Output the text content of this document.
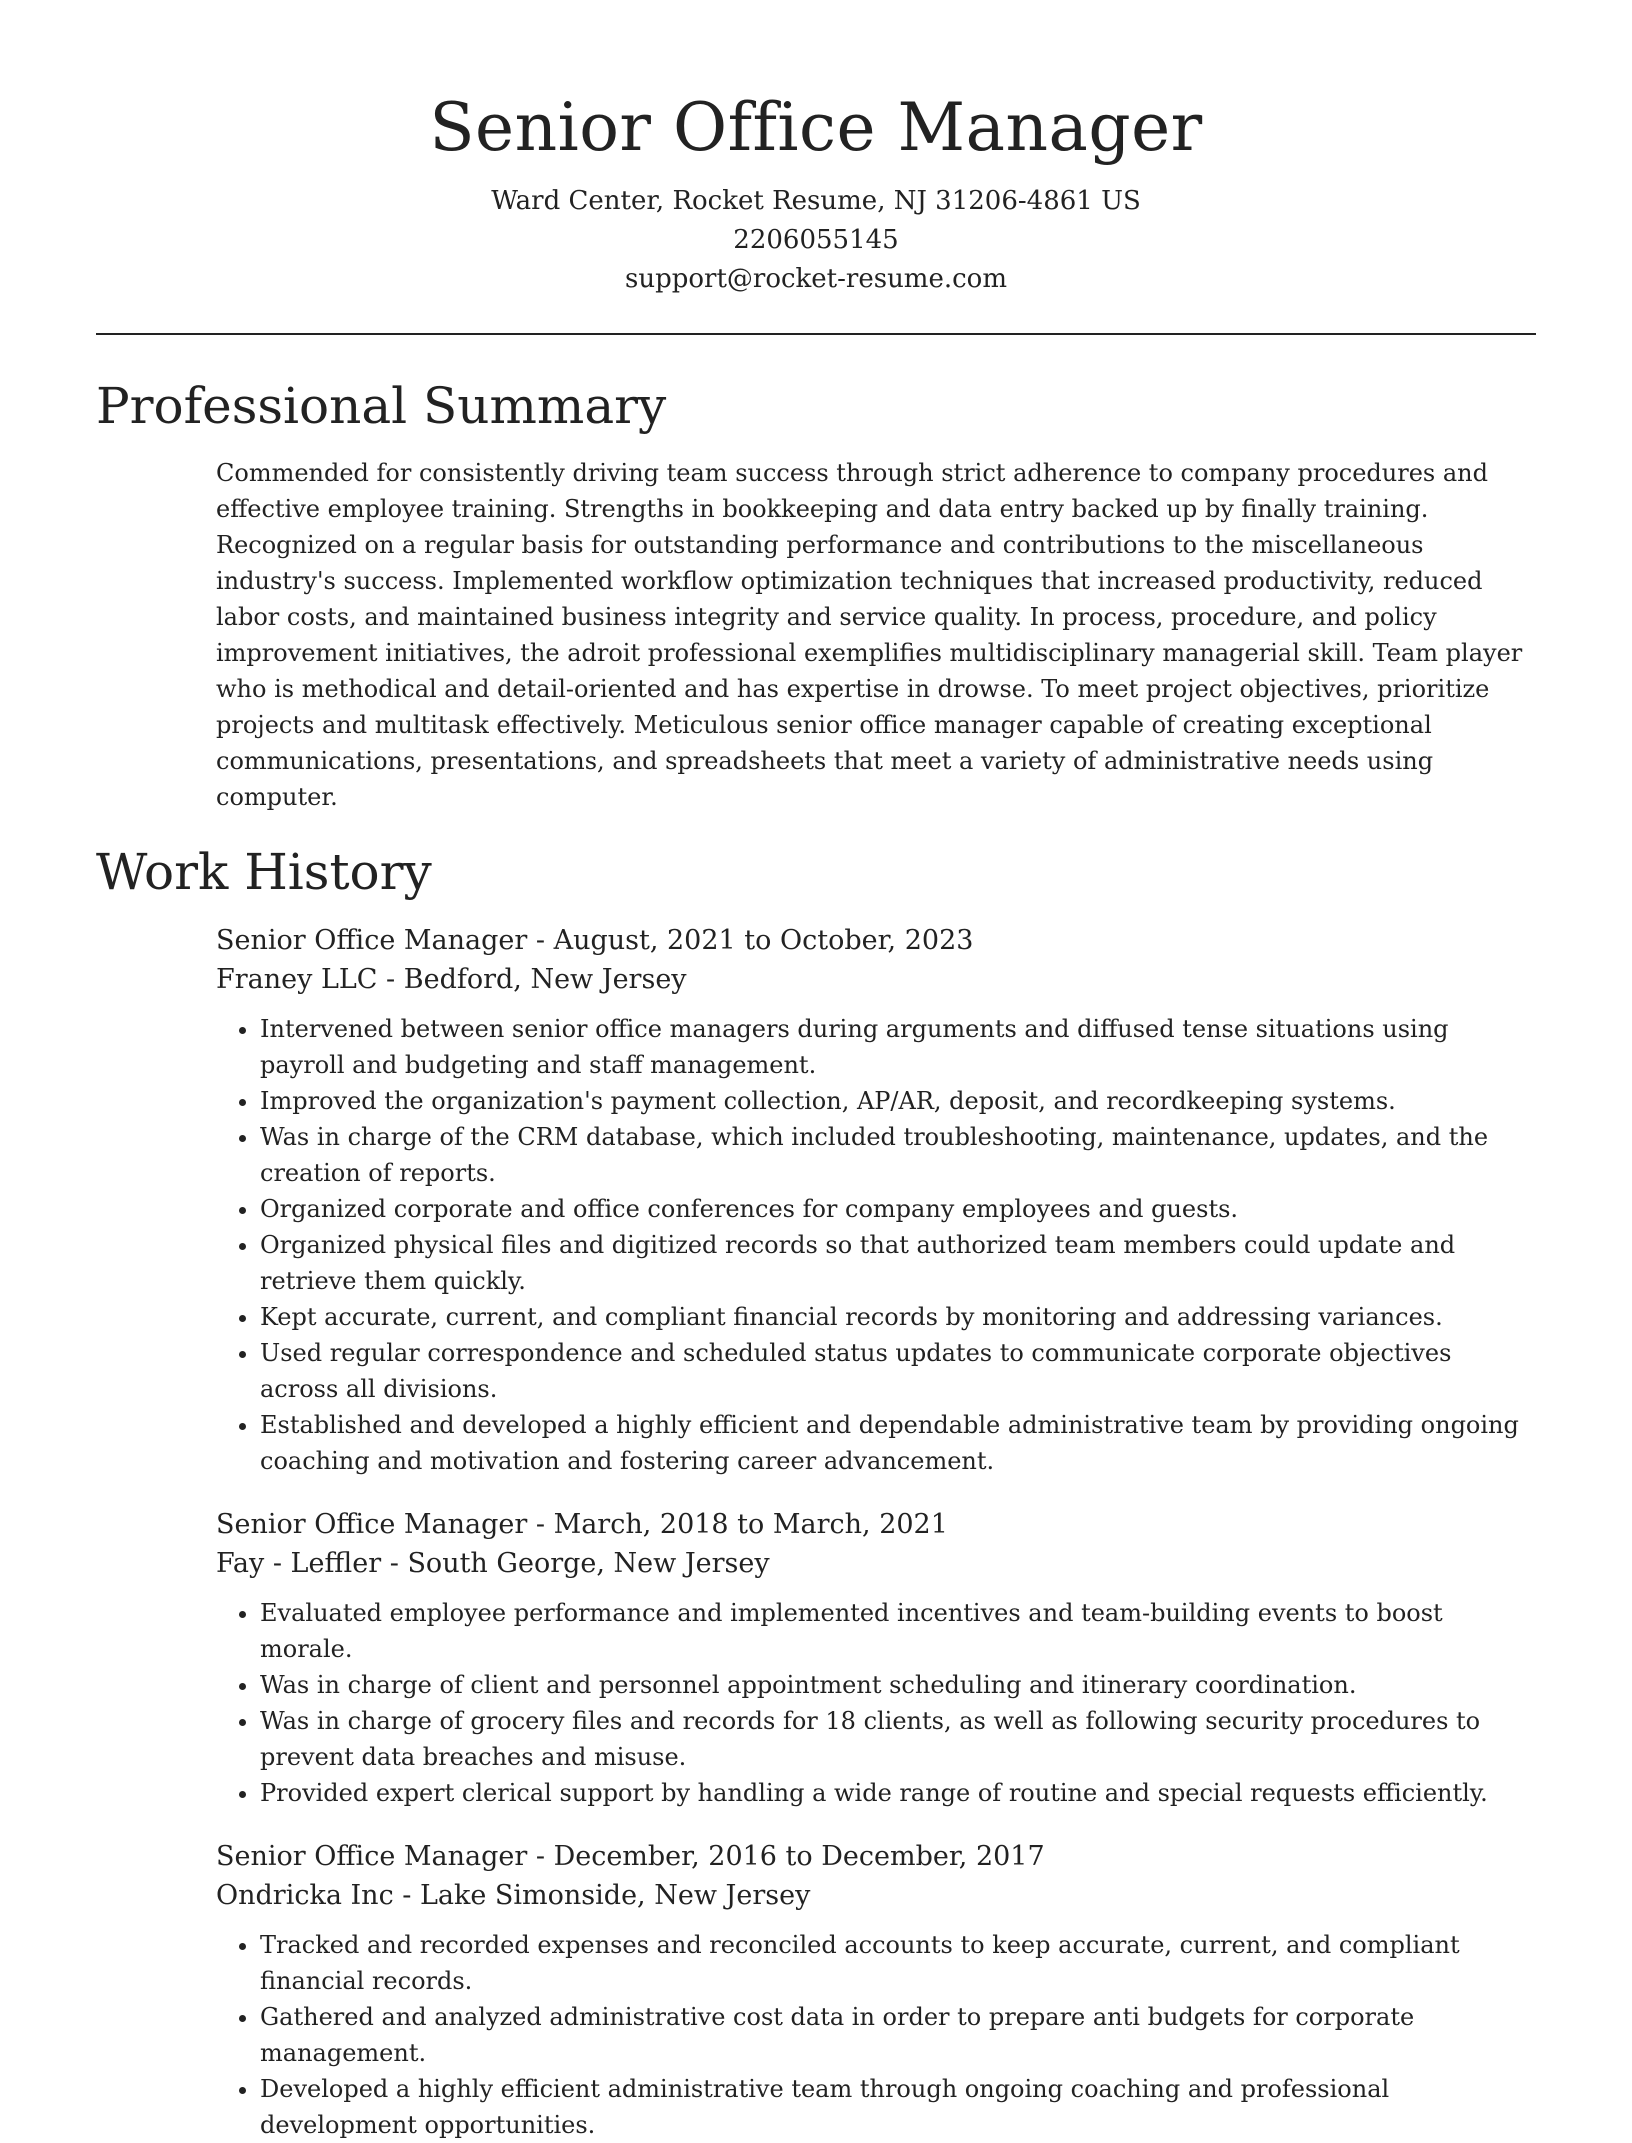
Senior Office Manager
Ward Center, Rocket Resume, NJ 31206-4861 US
2206055145
support@rocket-resume.com
Professional Summary

Commended for consistently driving team success through strict adherence to company procedures and effective employee training. Strengths in bookkeeping and data entry backed up by finally training. Recognized on a regular basis for outstanding performance and contributions to the miscellaneous industry's success. Implemented workflow optimization techniques that increased productivity, reduced labor costs, and maintained business integrity and service quality. In process, procedure, and policy improvement initiatives, the adroit professional exemplifies multidisciplinary managerial skill. Team player who is methodical and detail-oriented and has expertise in drowse. To meet project objectives, prioritize projects and multitask effectively. Meticulous senior office manager capable of creating exceptional communications, presentations, and spreadsheets that meet a variety of administrative needs using computer.

Work History
Senior Office Manager - August, 2021 to October, 2023
Franey LLC - Bedford, New Jersey
• Intervened between senior office managers during arguments and diffused tense situations using payroll and budgeting and staff management.
• Improved the organization's payment collection, AP/AR, deposit, and recordkeeping systems.
• Was in charge of the CRM database, which included troubleshooting, maintenance, updates, and the creation of reports.
• Organized corporate and office conferences for company employees and guests.
• Organized physical files and digitized records so that authorized team members could update and retrieve them quickly.
• Kept accurate, current, and compliant financial records by monitoring and addressing variances.
• Used regular correspondence and scheduled status updates to communicate corporate objectives across all divisions.
• Established and developed a highly efficient and dependable administrative team by providing ongoing coaching and motivation and fostering career advancement.
Senior Office Manager - March, 2018 to March, 2021
Fay - Leffler - South George, New Jersey
• Evaluated employee performance and implemented incentives and team-building events to boost morale.
• Was in charge of client and personnel appointment scheduling and itinerary coordination.
• Was in charge of grocery files and records for 18 clients, as well as following security procedures to prevent data breaches and misuse.
• Provided expert clerical support by handling a wide range of routine and special requests efficiently.
Senior Office Manager - December, 2016 to December, 2017
Ondricka Inc - Lake Simonside, New Jersey
• Tracked and recorded expenses and reconciled accounts to keep accurate, current, and compliant financial records.
• Gathered and analyzed administrative cost data in order to prepare anti budgets for corporate management.
• Developed a highly efficient administrative team through ongoing coaching and professional development opportunities.
